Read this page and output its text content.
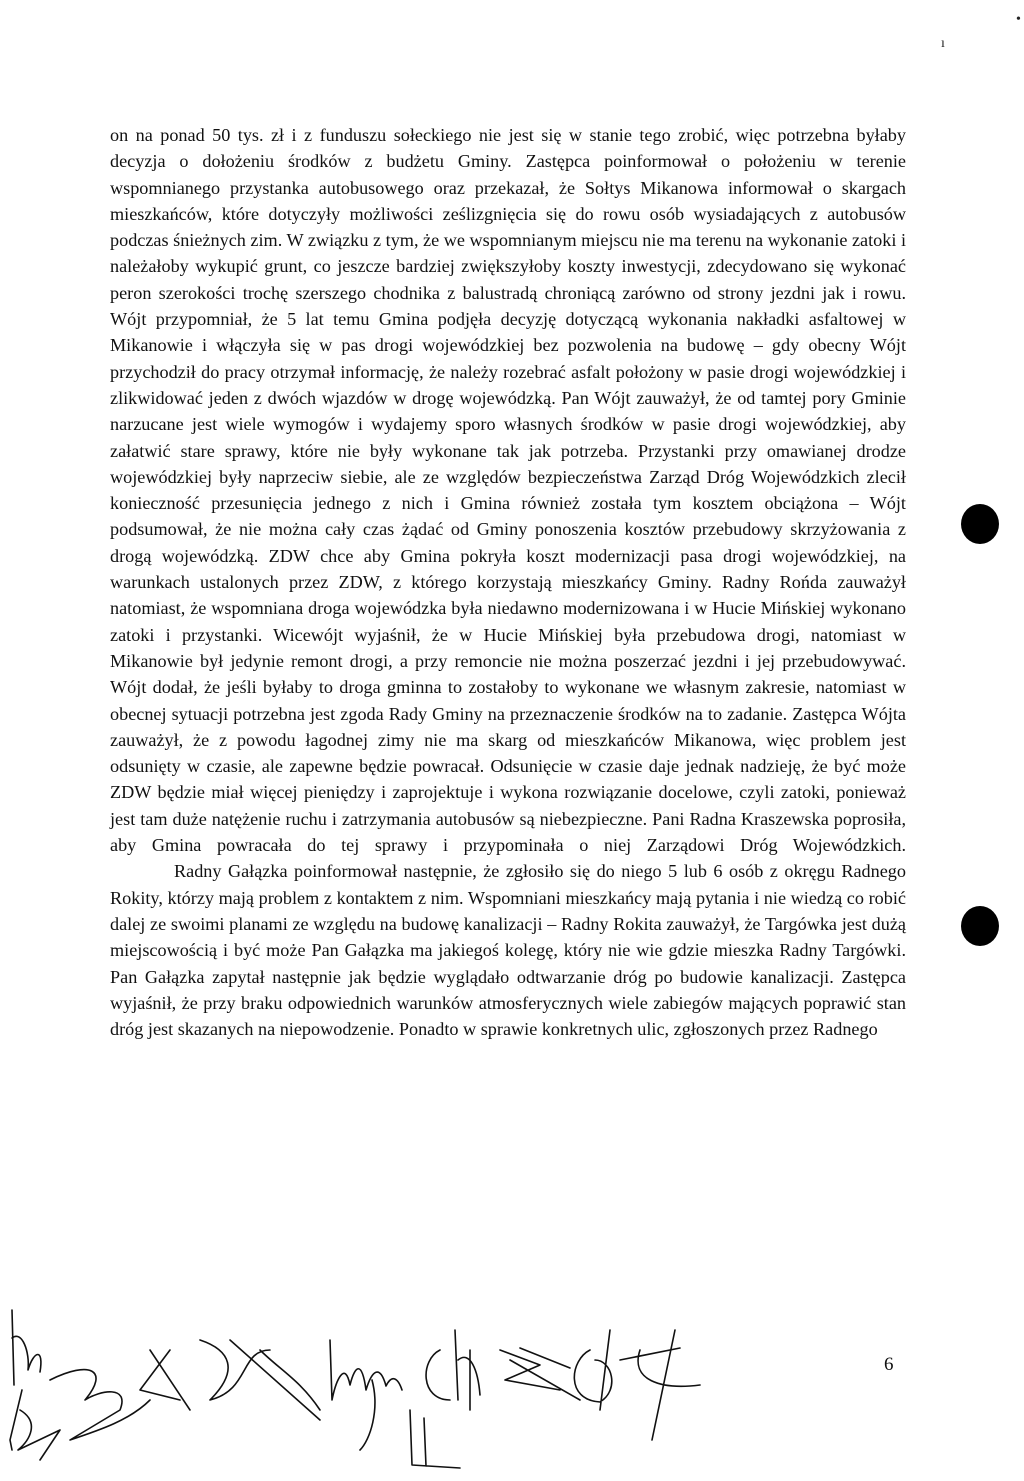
•
ı

on na ponad 50 tys. zł i z funduszu sołeckiego nie jest się w stanie tego zrobić, więc potrzebna byłaby decyzja o dołożeniu środków z budżetu Gminy. Zastępca poinformował o położeniu w terenie wspomnianego przystanka autobusowego oraz przekazał, że Sołtys Mikanowa informował o skargach mieszkańców, które dotyczyły możliwości ześlizgnięcia się do rowu osób wysiadających z autobusów podczas śnieżnych zim. W związku z tym, że we wspomnianym miejscu nie ma terenu na wykonanie zatoki i należałoby wykupić grunt, co jeszcze bardziej zwiększyłoby koszty inwestycji, zdecydowano się wykonać peron szerokości trochę szerszego chodnika z balustradą chroniącą zarówno od strony jezdni jak i rowu. Wójt przypomniał, że 5 lat temu Gmina podjęła decyzję dotyczącą wykonania nakładki asfaltowej w Mikanowie i włączyła się w pas drogi wojewódzkiej bez pozwolenia na budowę – gdy obecny Wójt przychodził do pracy otrzymał informację, że należy rozebrać asfalt położony w pasie drogi wojewódzkiej i zlikwidować jeden z dwóch wjazdów w drogę wojewódzką. Pan Wójt zauważył, że od tamtej pory Gminie narzucane jest wiele wymogów i wydajemy sporo własnych środków w pasie drogi wojewódzkiej, aby załatwić stare sprawy, które nie były wykonane tak jak potrzeba. Przystanki przy omawianej drodze wojewódzkiej były naprzeciw siebie, ale ze względów bezpieczeństwa Zarząd Dróg Wojewódzkich zlecił konieczność przesunięcia jednego z nich i Gmina również została tym kosztem obciążona – Wójt podsumował, że nie można cały czas żądać od Gminy ponoszenia kosztów przebudowy skrzyżowania z drogą wojewódzką. ZDW chce aby Gmina pokryła koszt modernizacji pasa drogi wojewódzkiej, na warunkach ustalonych przez ZDW, z którego korzystają mieszkańcy Gminy. Radny Rońda zauważył natomiast, że wspomniana droga wojewódzka była niedawno modernizowana i w Hucie Mińskiej wykonano zatoki i przystanki. Wicewójt wyjaśnił, że w Hucie Mińskiej była przebudowa drogi, natomiast w Mikanowie był jedynie remont drogi, a przy remoncie nie można poszerzać jezdni i jej przebudowywać. Wójt dodał, że jeśli byłaby to droga gminna to zostałoby to wykonane we własnym zakresie, natomiast w obecnej sytuacji potrzebna jest zgoda Rady Gminy na przeznaczenie środków na to zadanie. Zastępca Wójta zauważył, że z powodu łagodnej zimy nie ma skarg od mieszkańców Mikanowa, więc problem jest odsunięty w czasie, ale zapewne będzie powracał. Odsunięcie w czasie daje jednak nadzieję, że być może ZDW będzie miał więcej pieniędzy i zaprojektuje i wykona rozwiązanie docelowe, czyli zatoki, ponieważ jest tam duże natężenie ruchu i zatrzymania autobusów są niebezpieczne. Pani Radna Kraszewska poprosiła, aby Gmina powracała do tej sprawy i przypominała o niej Zarządowi Dróg Wojewódzkich.

Radny Gałązka poinformował następnie, że zgłosiło się do niego 5 lub 6 osób z okręgu Radnego Rokity, którzy mają problem z kontaktem z nim. Wspomniani mieszkańcy mają pytania i nie wiedzą co robić dalej ze swoimi planami ze względu na budowę kanalizacji – Radny Rokita zauważył, że Targówka jest dużą miejscowością i być może Pan Gałązka ma jakiegoś kolegę, który nie wie gdzie mieszka Radny Targówki. Pan Gałązka zapytał następnie jak będzie wyglądało odtwarzanie dróg po budowie kanalizacji. Zastępca wyjaśnił, że przy braku odpowiednich warunków atmosferycznych wiele zabiegów mających poprawić stan dróg jest skazanych na niepowodzenie. Ponadto w sprawie konkretnych ulic, zgłoszonych przez Radnego

6
